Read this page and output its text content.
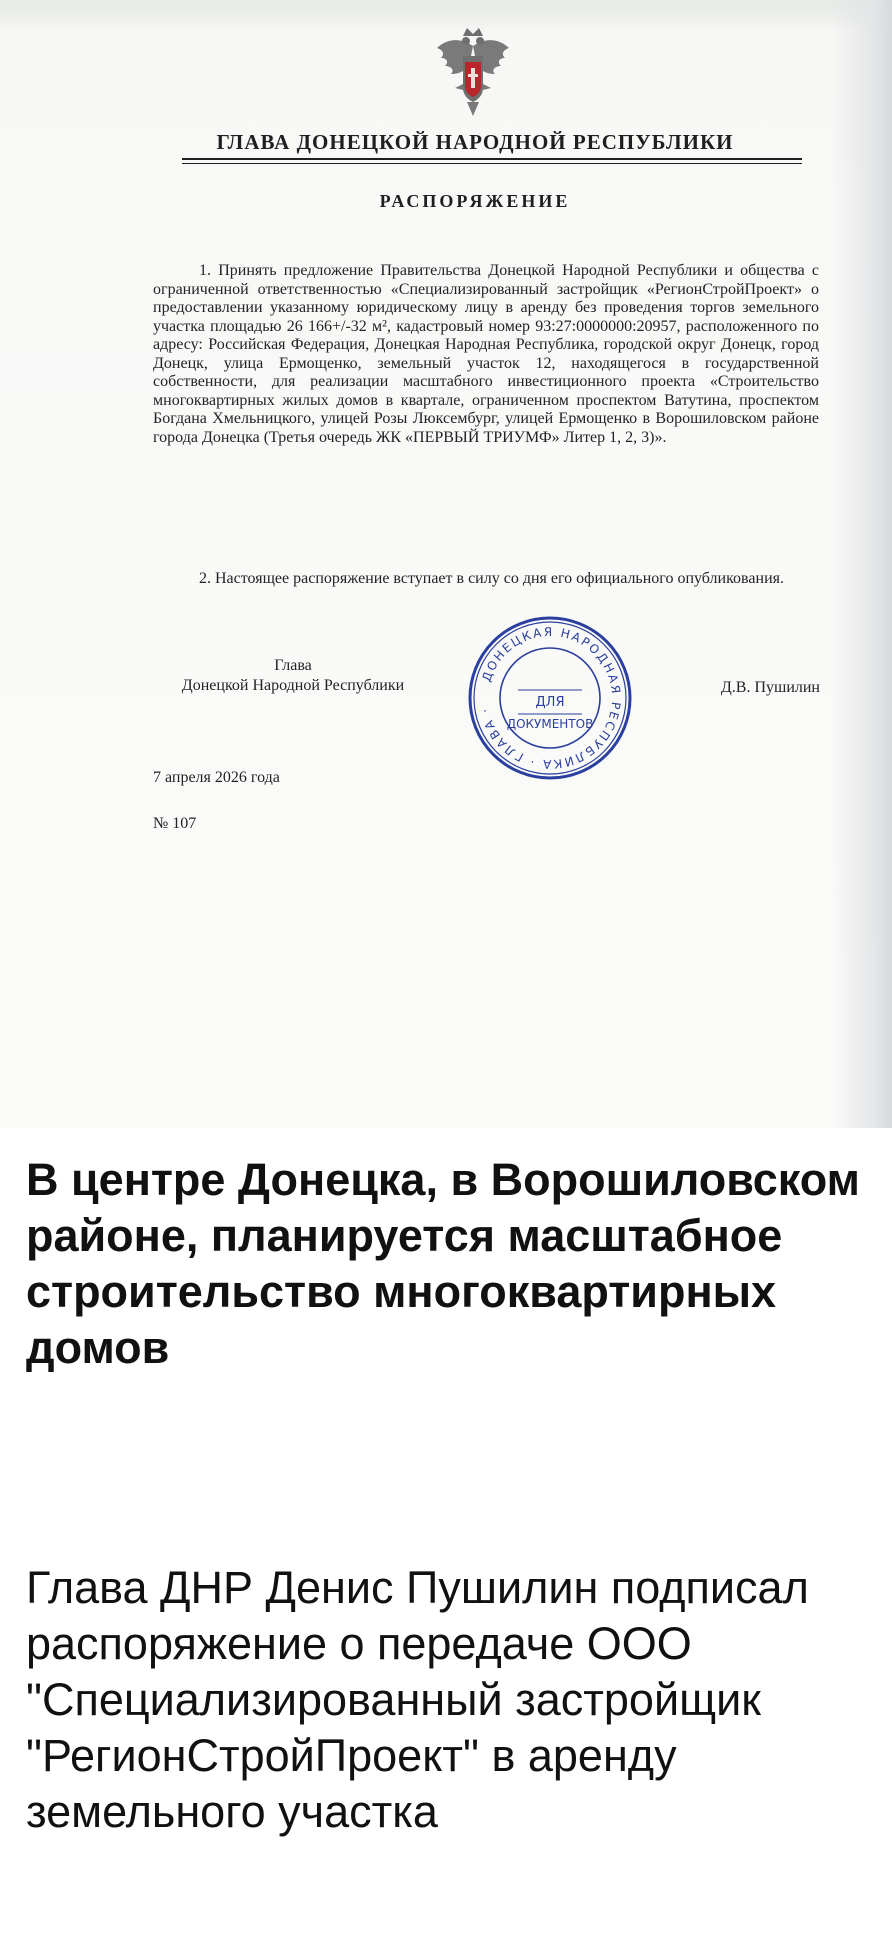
ГЛАВА ДОНЕЦКОЙ НАРОДНОЙ РЕСПУБЛИКИ
РАСПОРЯЖЕНИЕ
1. Принять предложение Правительства Донецкой Народной Республики и общества с ограниченной ответственностью «Специализированный застройщик «РегионСтройПроект» о предоставлении указанному юридическому лицу в аренду без проведения торгов земельного участка площадью 26 166+/-32 м², кадастровый номер 93:27:0000000:20957, расположенного по адресу: Российская Федерация, Донецкая Народная Республика, городской округ Донецк, город Донецк, улица Ермощенко, земельный участок 12, находящегося в государственной собственности, для реализации масштабного инвестиционного проекта «Строительство многоквартирных жилых домов в квартале, ограниченном проспектом Ватутина, проспектом Богдана Хмельницкого, улицей Розы Люксембург, улицей Ермощенко в Ворошиловском районе города Донецка (Третья очередь ЖК «ПЕРВЫЙ ТРИУМФ» Литер 1, 2, 3)».
2. Настоящее распоряжение вступает в силу со дня его официального опубликования.
Глава
Донецкой Народной Республики
ДОНЕЦКАЯ НАРОДНАЯ РЕСПУБЛИКА · ГЛАВА ·	ДЛЯ
ДОКУМЕНТОВ
Д.В. Пушилин
7 апреля 2026 года
№ 107
В центре Донецка, в Ворошиловском районе, планируется масштабное строительство многоквартирных домов

Глава ДНР Денис Пушилин подписал распоряжение о передаче ООО "Специализированный застройщик "РегионСтройПроект" в аренду земельного участка
